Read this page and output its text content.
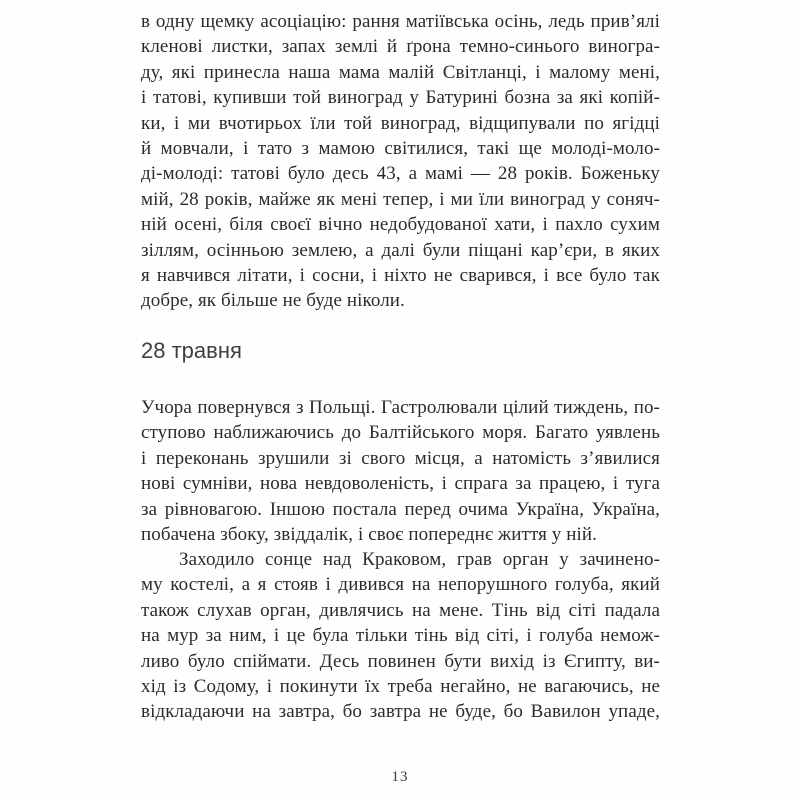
в одну щемку асоціацію: рання матіївська осінь, ледь прив’ялі
кленові листки, запах землі й ґрона темно-синього виногра-
ду, які принесла наша мама малій Світланці, і малому мені,
і татові, купивши той виноград у Батурині бозна за які копій-
ки, і ми вчотирьох їли той виноград, відщипували по ягідці
й мовчали, і тато з мамою світилися, такі ще молоді-моло-
ді-молоді: татові було десь 43, а мамі — 28 років. Боженьку
мій, 28 років, майже як мені тепер, і ми їли виноград у соняч-
ній осені, біля своєї вічно недобудованої хати, і пахло сухим
зіллям, осінньою землею, а далі були піщані кар’єри, в яких
я навчився літати, і сосни, і ніхто не сварився, і все було так
добре, як більше не буде ніколи.
28 травня
Учора повернувся з Польщі. Гастролювали цілий тиждень, по-
ступово наближаючись до Балтійського моря. Багато уявлень
і переконань зрушили зі свого місця, а натомість з’явилися
нові сумніви, нова невдоволеність, і спрага за працею, і туга
за рівновагою. Іншою постала перед очима Україна, Україна,
побачена збоку, звіддалік, і своє попереднє життя у ній.
Заходило сонце над Краковом, грав орган у зачинено-
му костелі, а я стояв і дивився на непорушного голуба, який
також слухав орган, дивлячись на мене. Тінь від сіті падала
на мур за ним, і це була тільки тінь від сіті, і голуба немож-
ливо було спіймати. Десь повинен бути вихід із Єгипту, ви-
хід із Содому, і покинути їх треба негайно, не вагаючись, не
відкладаючи на завтра, бо завтра не буде, бо Вавилон упаде,
13
